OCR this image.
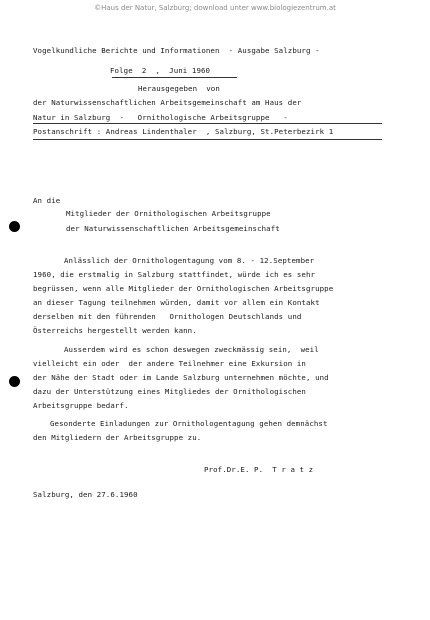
©Haus der Natur, Salzburg; download unter www.biologiezentrum.at
Vogelkundliche Berichte und Informationen  - Ausgabe Salzburg -
Folge  2  ,  Juni 1960
Herausgegeben  von
der Naturwissenschaftlichen Arbeitsgemeinschaft am Haus der
Natur in Salzburg  -   Ornithologische Arbeitsgruppe   -
Postanschrift : Andreas Lindenthaler  , Salzburg, St.Peterbezirk 1
An die
Mitglieder der Ornithologischen Arbeitsgruppe
der Naturwissenschaftlichen Arbeitsgemeinschaft
Anlässlich der Ornithologentagung vom 8. - 12.September
1960, die erstmalig in Salzburg stattfindet, würde ich es sehr
begrüssen, wenn alle Mitglieder der Ornithologischen Arbeitsgruppe
an dieser Tagung teilnehmen würden, damit vor allem ein Kontakt
derselben mit den führenden   Ornithologen Deutschlands und
Österreichs hergestellt werden kann.
Ausserdem wird es schon deswegen zweckmässig sein,  weil
vielleicht ein oder  der andere Teilnehmer eine Exkursion in
der Nähe der Stadt oder im Lande Salzburg unternehmen möchte, und
dazu der Unterstützung eines Mitgliedes der Ornithologischen
Arbeitsgruppe bedarf.
Gesonderte Einladungen zur Ornithologentagung gehen demnächst
den Mitgliedern der Arbeitsgruppe zu.
Prof.Dr.E. P.  T r a t z
Salzburg, den 27.6.1960
